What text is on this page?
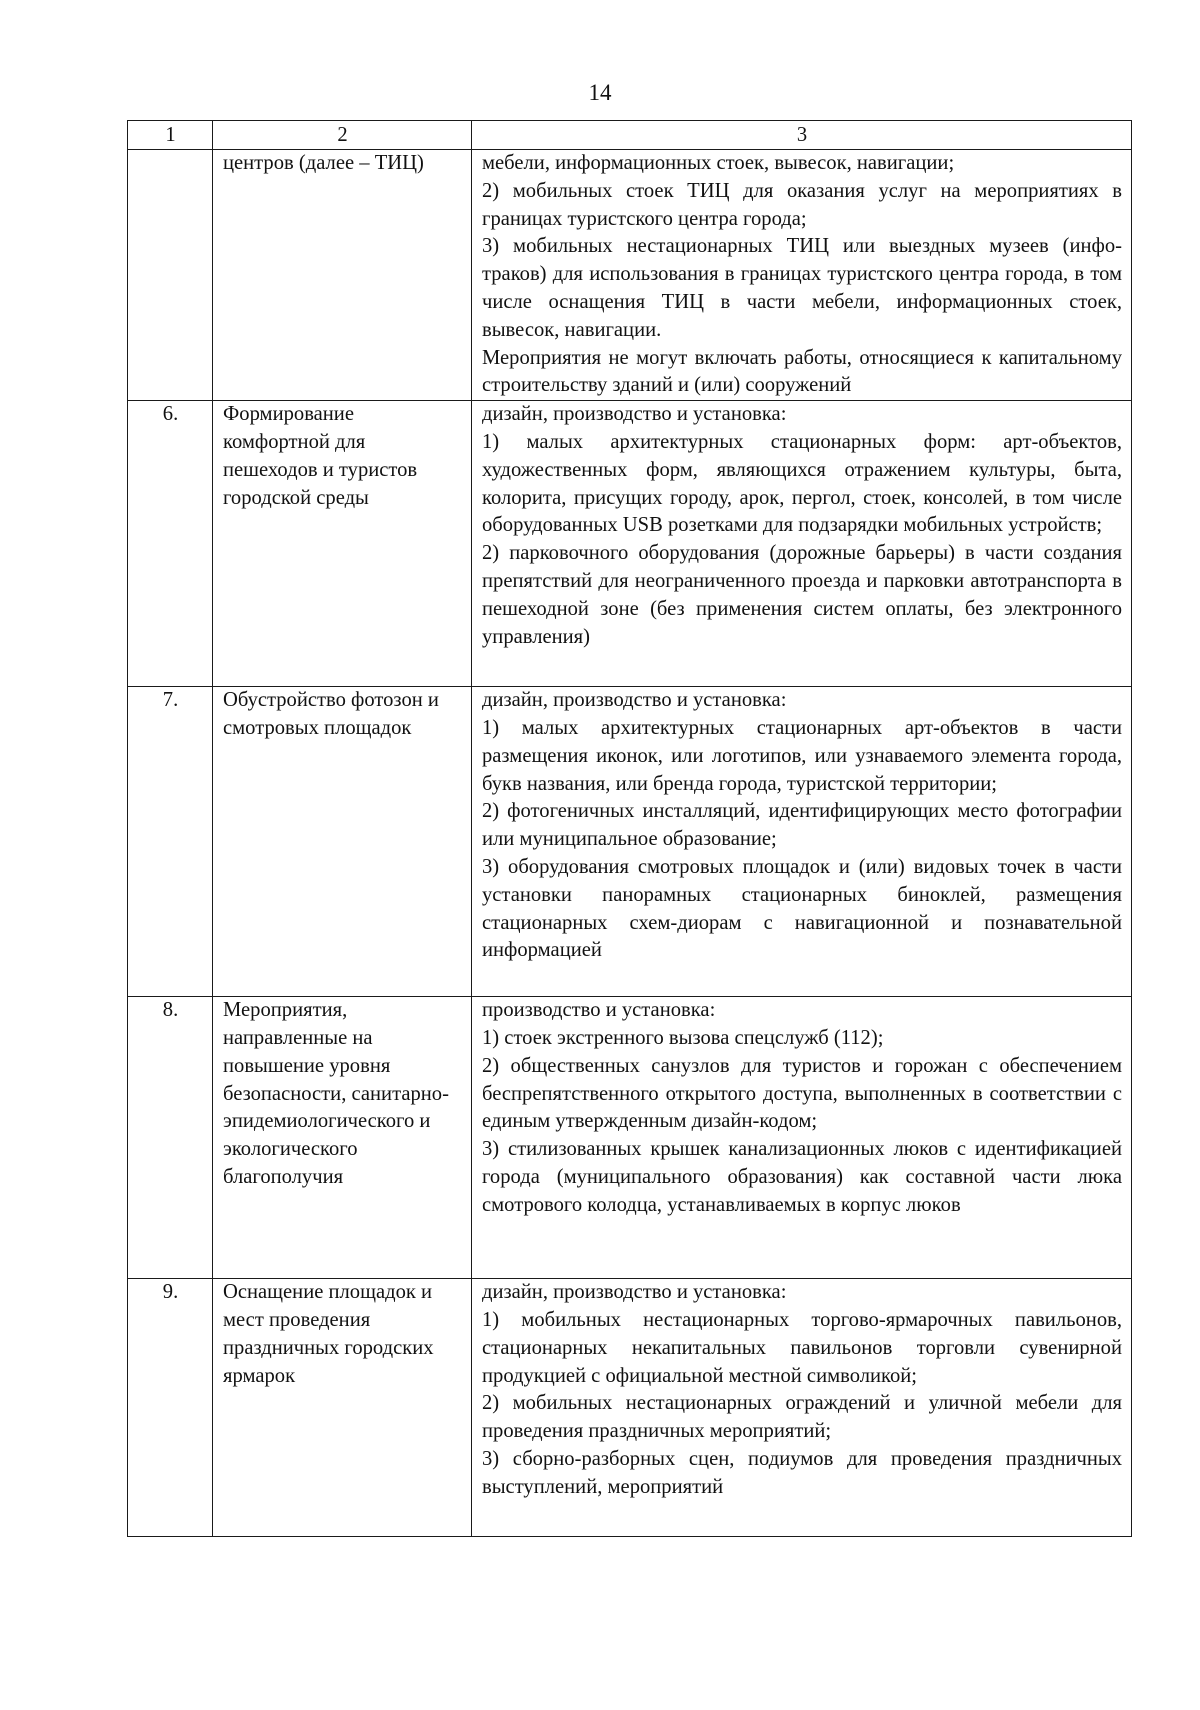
14
1	2	3
	центров (далее – ТИЦ)	мебели, информационных стоек, вывесок, навигации;

2) мобильных стоек ТИЦ для оказания услуг на мероприятиях в границах туристского центра города;

3) мобильных нестационарных ТИЦ или выездных музеев (инфо-траков) для использования в границах туристского центра города, в том числе оснащения ТИЦ в части мебели, информационных стоек, вывесок, навигации.

Мероприятия не могут включать работы, относящиеся к капитальному строительству зданий и (или) сооружений

6.	Формирование комфортной для пешеходов и туристов городской среды	дизайн, производство и установка:

1) малых архитектурных стационарных форм: арт-объектов, художественных форм, являющихся отражением культуры, быта, колорита, присущих городу, арок, пергол, стоек, консолей, в том числе оборудованных USB розетками для подзарядки мобильных устройств;

2) парковочного оборудования (дорожные барьеры) в части создания препятствий для неограниченного проезда и парковки автотранспорта в пешеходной зоне (без применения систем оплаты, без электронного управления)

7.	Обустройство фотозон и смотровых площадок	дизайн, производство и установка:

1) малых архитектурных стационарных арт-объектов в части размещения иконок, или логотипов, или узнаваемого элемента города, букв названия, или бренда города, туристской территории;

2) фотогеничных инсталляций, идентифицирующих место фотографии или муниципальное образование;

3) оборудования смотровых площадок и (или) видовых точек в части установки панорамных стационарных биноклей, размещения стационарных схем-диорам с навигационной и познавательной информацией

8.	Мероприятия, направленные на повышение уровня безопасности, санитарно-эпидемиологического и экологического благополучия	производство и установка:

1) стоек экстренного вызова спецслужб (112);

2) общественных санузлов для туристов и горожан с обеспечением беспрепятственного открытого доступа, выполненных в соответствии с единым утвержденным дизайн-кодом;

3) стилизованных крышек канализационных люков с идентификацией города (муниципального образования) как составной части люка смотрового колодца, устанавливаемых в корпус люков

9.	Оснащение площадок и мест проведения праздничных городских ярмарок	дизайн, производство и установка:

1) мобильных нестационарных торгово-ярмарочных павильонов, стационарных некапитальных павильонов торговли сувенирной продукцией с официальной местной символикой;

2) мобильных нестационарных ограждений и уличной мебели для проведения праздничных мероприятий;

3) сборно-разборных сцен, подиумов для проведения праздничных выступлений, мероприятий
